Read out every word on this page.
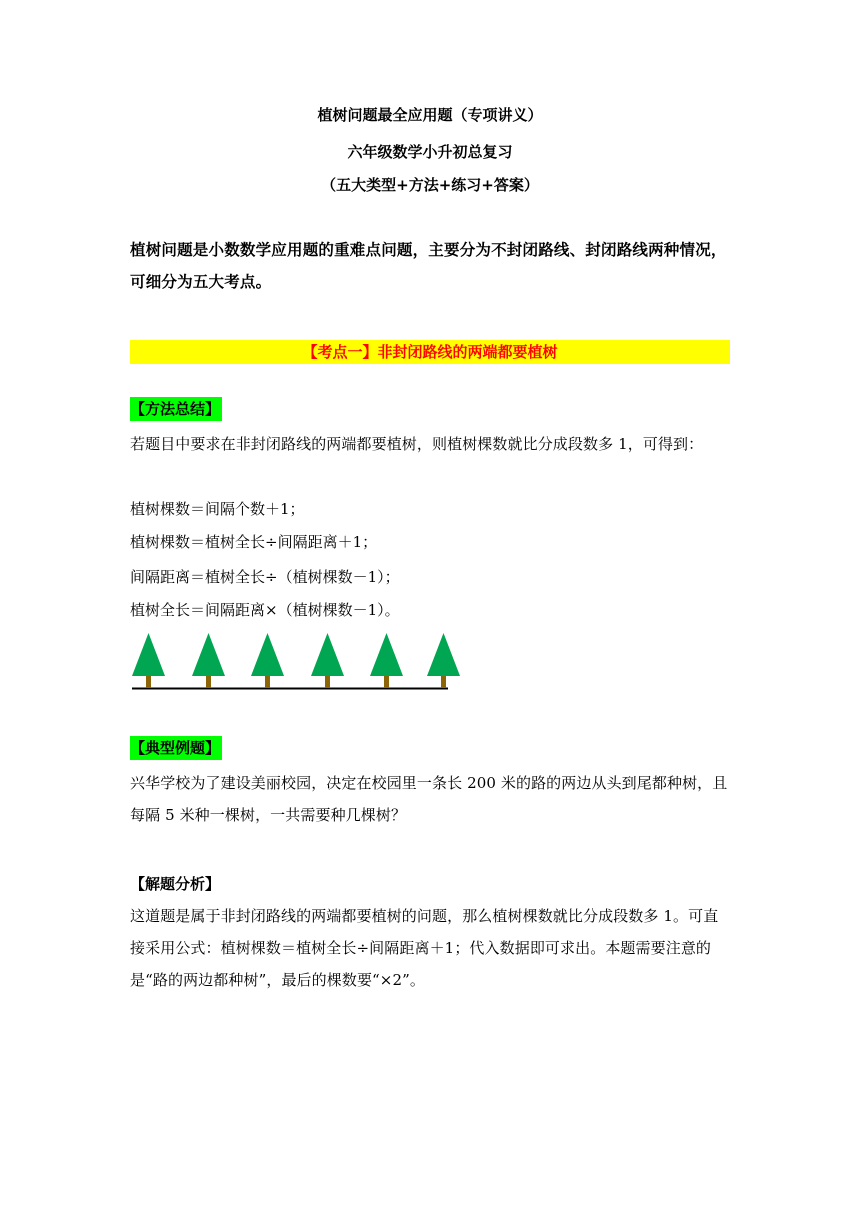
植树问题最全应用题（专项讲义）
六年级数学小升初总复习
（五大类型+方法+练习+答案）
植树问题是小数数学应用题的重难点问题，主要分为不封闭路线、封闭路线两种情况，可细分为五大考点。
【考点一】非封闭路线的两端都要植树
【方法总结】
若题目中要求在非封闭路线的两端都要植树，则植树棵数就比分成段数多 1，可得到：
植树棵数＝间隔个数＋1；
植树棵数＝植树全长÷间隔距离＋1；
间隔距离＝植树全长÷（植树棵数－1）；
植树全长＝间隔距离×（植树棵数－1）。
【典型例题】
兴华学校为了建设美丽校园，决定在校园里一条长 200 米的路的两边从头到尾都种树，且每隔 5 米种一棵树，一共需要种几棵树？
【解题分析】
这道题是属于非封闭路线的两端都要植树的问题，那么植树棵数就比分成段数多 1。可直接采用公式：植树棵数＝植树全长÷间隔距离＋1；代入数据即可求出。本题需要注意的是“路的两边都种树”，最后的棵数要“×2”。
